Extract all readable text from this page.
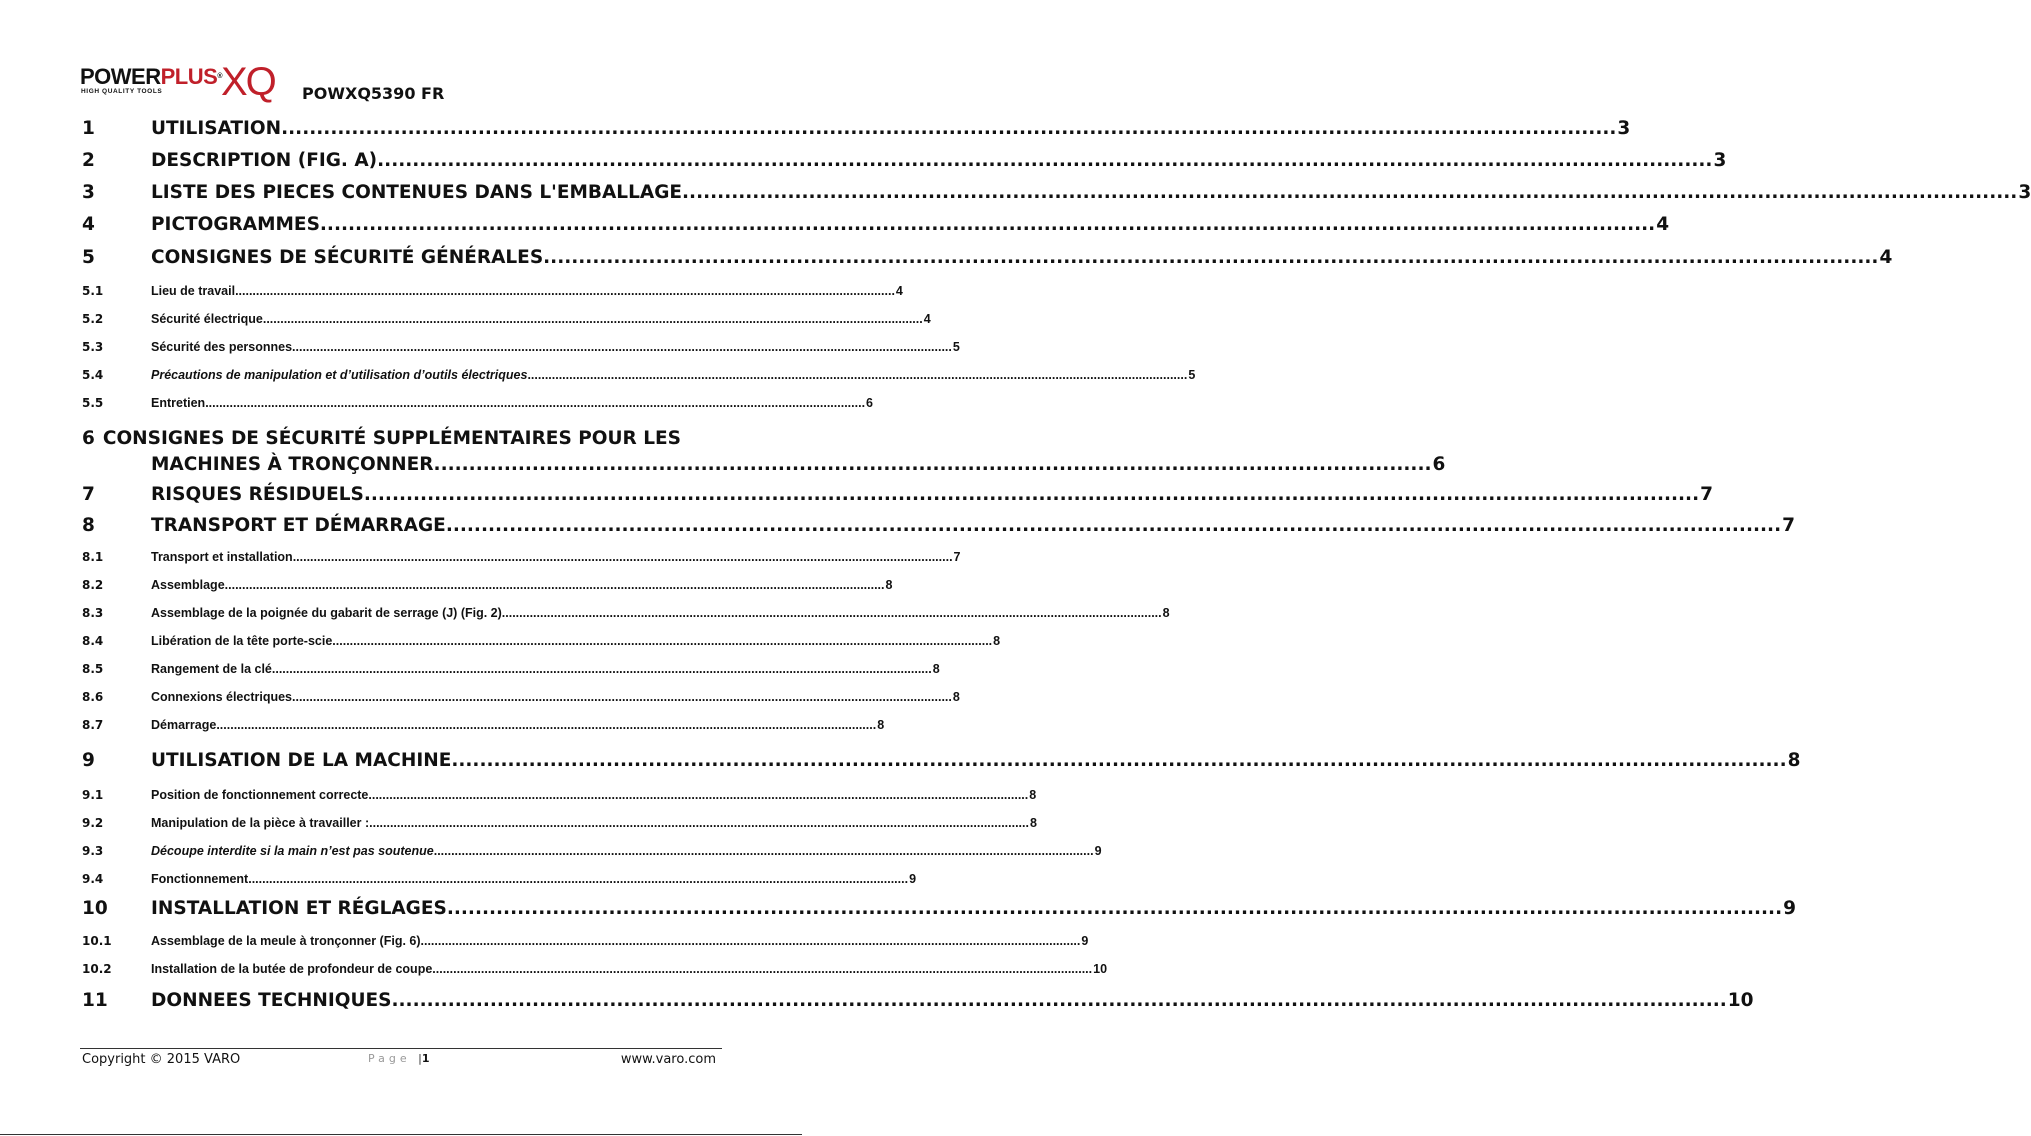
POWERPLUS®
HIGH QUALITY TOOLS XQ POWXQ5390 FR
1	UTILISATION .............................................................................................................................................................................................. 3
2	DESCRIPTION (FIG. A) .............................................................................................................................................................................................. 3
3	LISTE DES PIECES CONTENUES DANS L'EMBALLAGE .............................................................................................................................................................................................. 3
4	PICTOGRAMMES .............................................................................................................................................................................................. 4
5	CONSIGNES DE SÉCURITÉ GÉNÉRALES .............................................................................................................................................................................................. 4
5.1	Lieu de travail .............................................................................................................................................................................................. 4
5.2	Sécurité électrique .............................................................................................................................................................................................. 4
5.3	Sécurité des personnes .............................................................................................................................................................................................. 5
5.4	Précautions de manipulation et d’utilisation d’outils électriques .............................................................................................................................................................................................. 5
5.5	Entretien .............................................................................................................................................................................................. 6
6 CONSIGNES DE SÉCURITÉ SUPPLÉMENTAIRES POUR LES
MACHINES À TRONÇONNER .............................................................................................................................................. 6
7	RISQUES RÉSIDUELS .............................................................................................................................................................................................. 7
8	TRANSPORT ET DÉMARRAGE .............................................................................................................................................................................................. 7
8.1	Transport et installation .............................................................................................................................................................................................. 7
8.2	Assemblage .............................................................................................................................................................................................. 8
8.3	Assemblage de la poignée du gabarit de serrage (J) (Fig. 2) .............................................................................................................................................................................................. 8
8.4	Libération de la tête porte-scie .............................................................................................................................................................................................. 8
8.5	Rangement de la clé .............................................................................................................................................................................................. 8
8.6	Connexions électriques .............................................................................................................................................................................................. 8
8.7	Démarrage .............................................................................................................................................................................................. 8
9	UTILISATION DE LA MACHINE .............................................................................................................................................................................................. 8
9.1	Position de fonctionnement correcte .............................................................................................................................................................................................. 8
9.2	Manipulation de la pièce à travailler : .............................................................................................................................................................................................. 8
9.3	Découpe interdite si la main n’est pas soutenue .............................................................................................................................................................................................. 9
9.4	Fonctionnement .............................................................................................................................................................................................. 9
10	INSTALLATION ET RÉGLAGES .............................................................................................................................................................................................. 9
10.1	Assemblage de la meule à tronçonner (Fig. 6) .............................................................................................................................................................................................. 9
10.2	Installation de la butée de profondeur de coupe .............................................................................................................................................................................................. 10
11	DONNEES TECHNIQUES .............................................................................................................................................................................................. 10
Copyright © 2015 VARO	Page |1	www.varo.com
